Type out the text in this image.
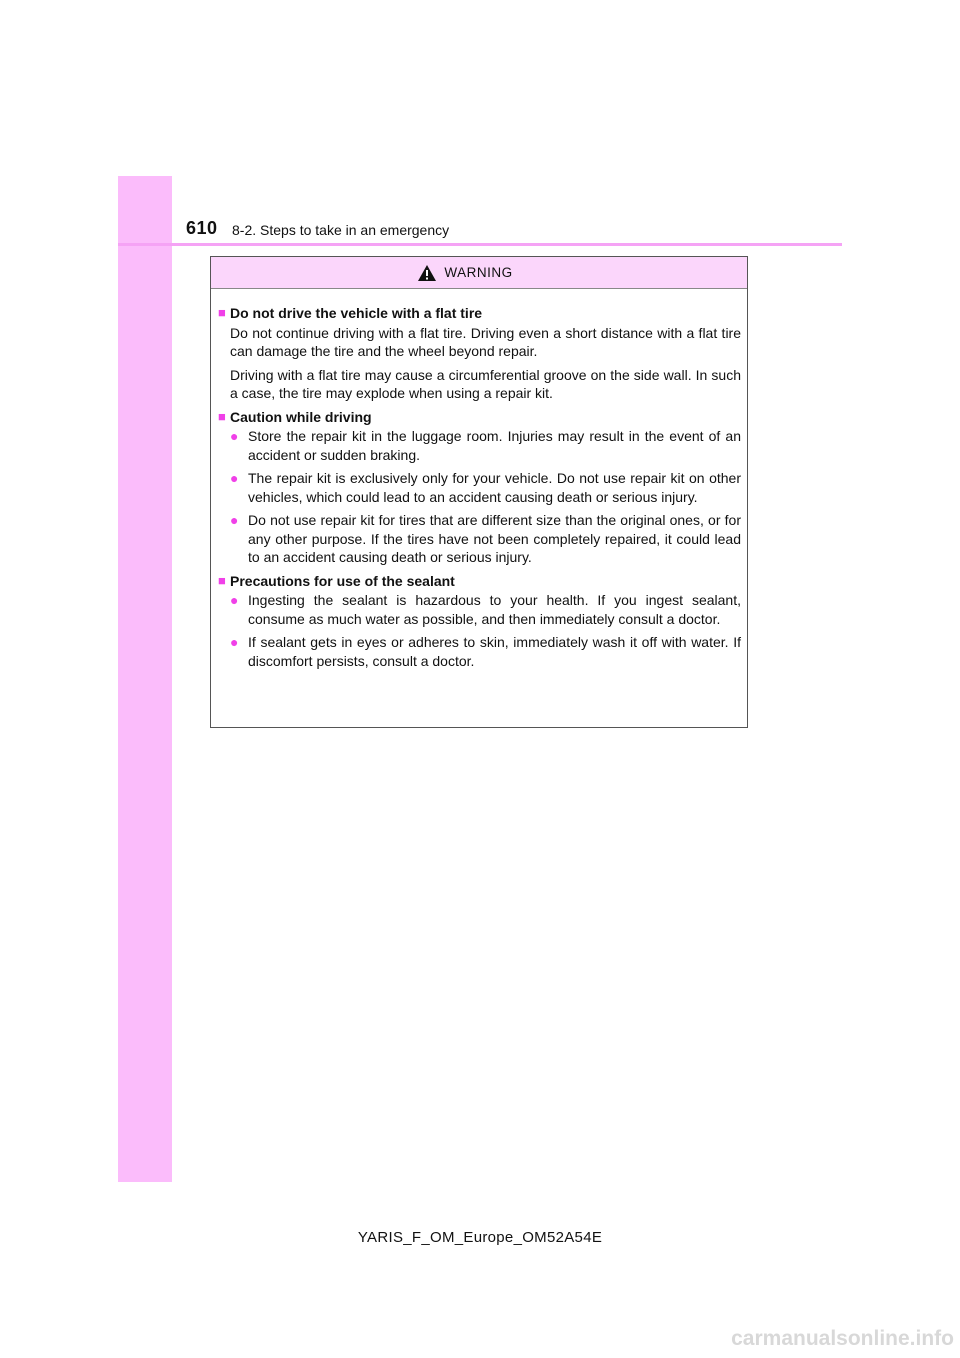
610 8-2. Steps to take in an emergency
WARNING
■ Do not drive the vehicle with a flat tire

Do not continue driving with a flat tire. Driving even a short distance with a flat tire can damage the tire and the wheel beyond repair.

Driving with a flat tire may cause a circumferential groove on the side wall. In such a case, the tire may explode when using a repair kit.

■ Caution while driving
● Store the repair kit in the luggage room. Injuries may result in the event of an accident or sudden braking.
● The repair kit is exclusively only for your vehicle. Do not use repair kit on other vehicles, which could lead to an accident causing death or serious injury.
● Do not use repair kit for tires that are different size than the original ones, or for any other purpose. If the tires have not been completely repaired, it could lead to an accident causing death or serious injury.
■ Precautions for use of the sealant
● Ingesting the sealant is hazardous to your health. If you ingest sealant, consume as much water as possible, and then immediately consult a doctor.
● If sealant gets in eyes or adheres to skin, immediately wash it off with water. If discomfort persists, consult a doctor.
YARIS_F_OM_Europe_OM52A54E
carmanualsonline.info
